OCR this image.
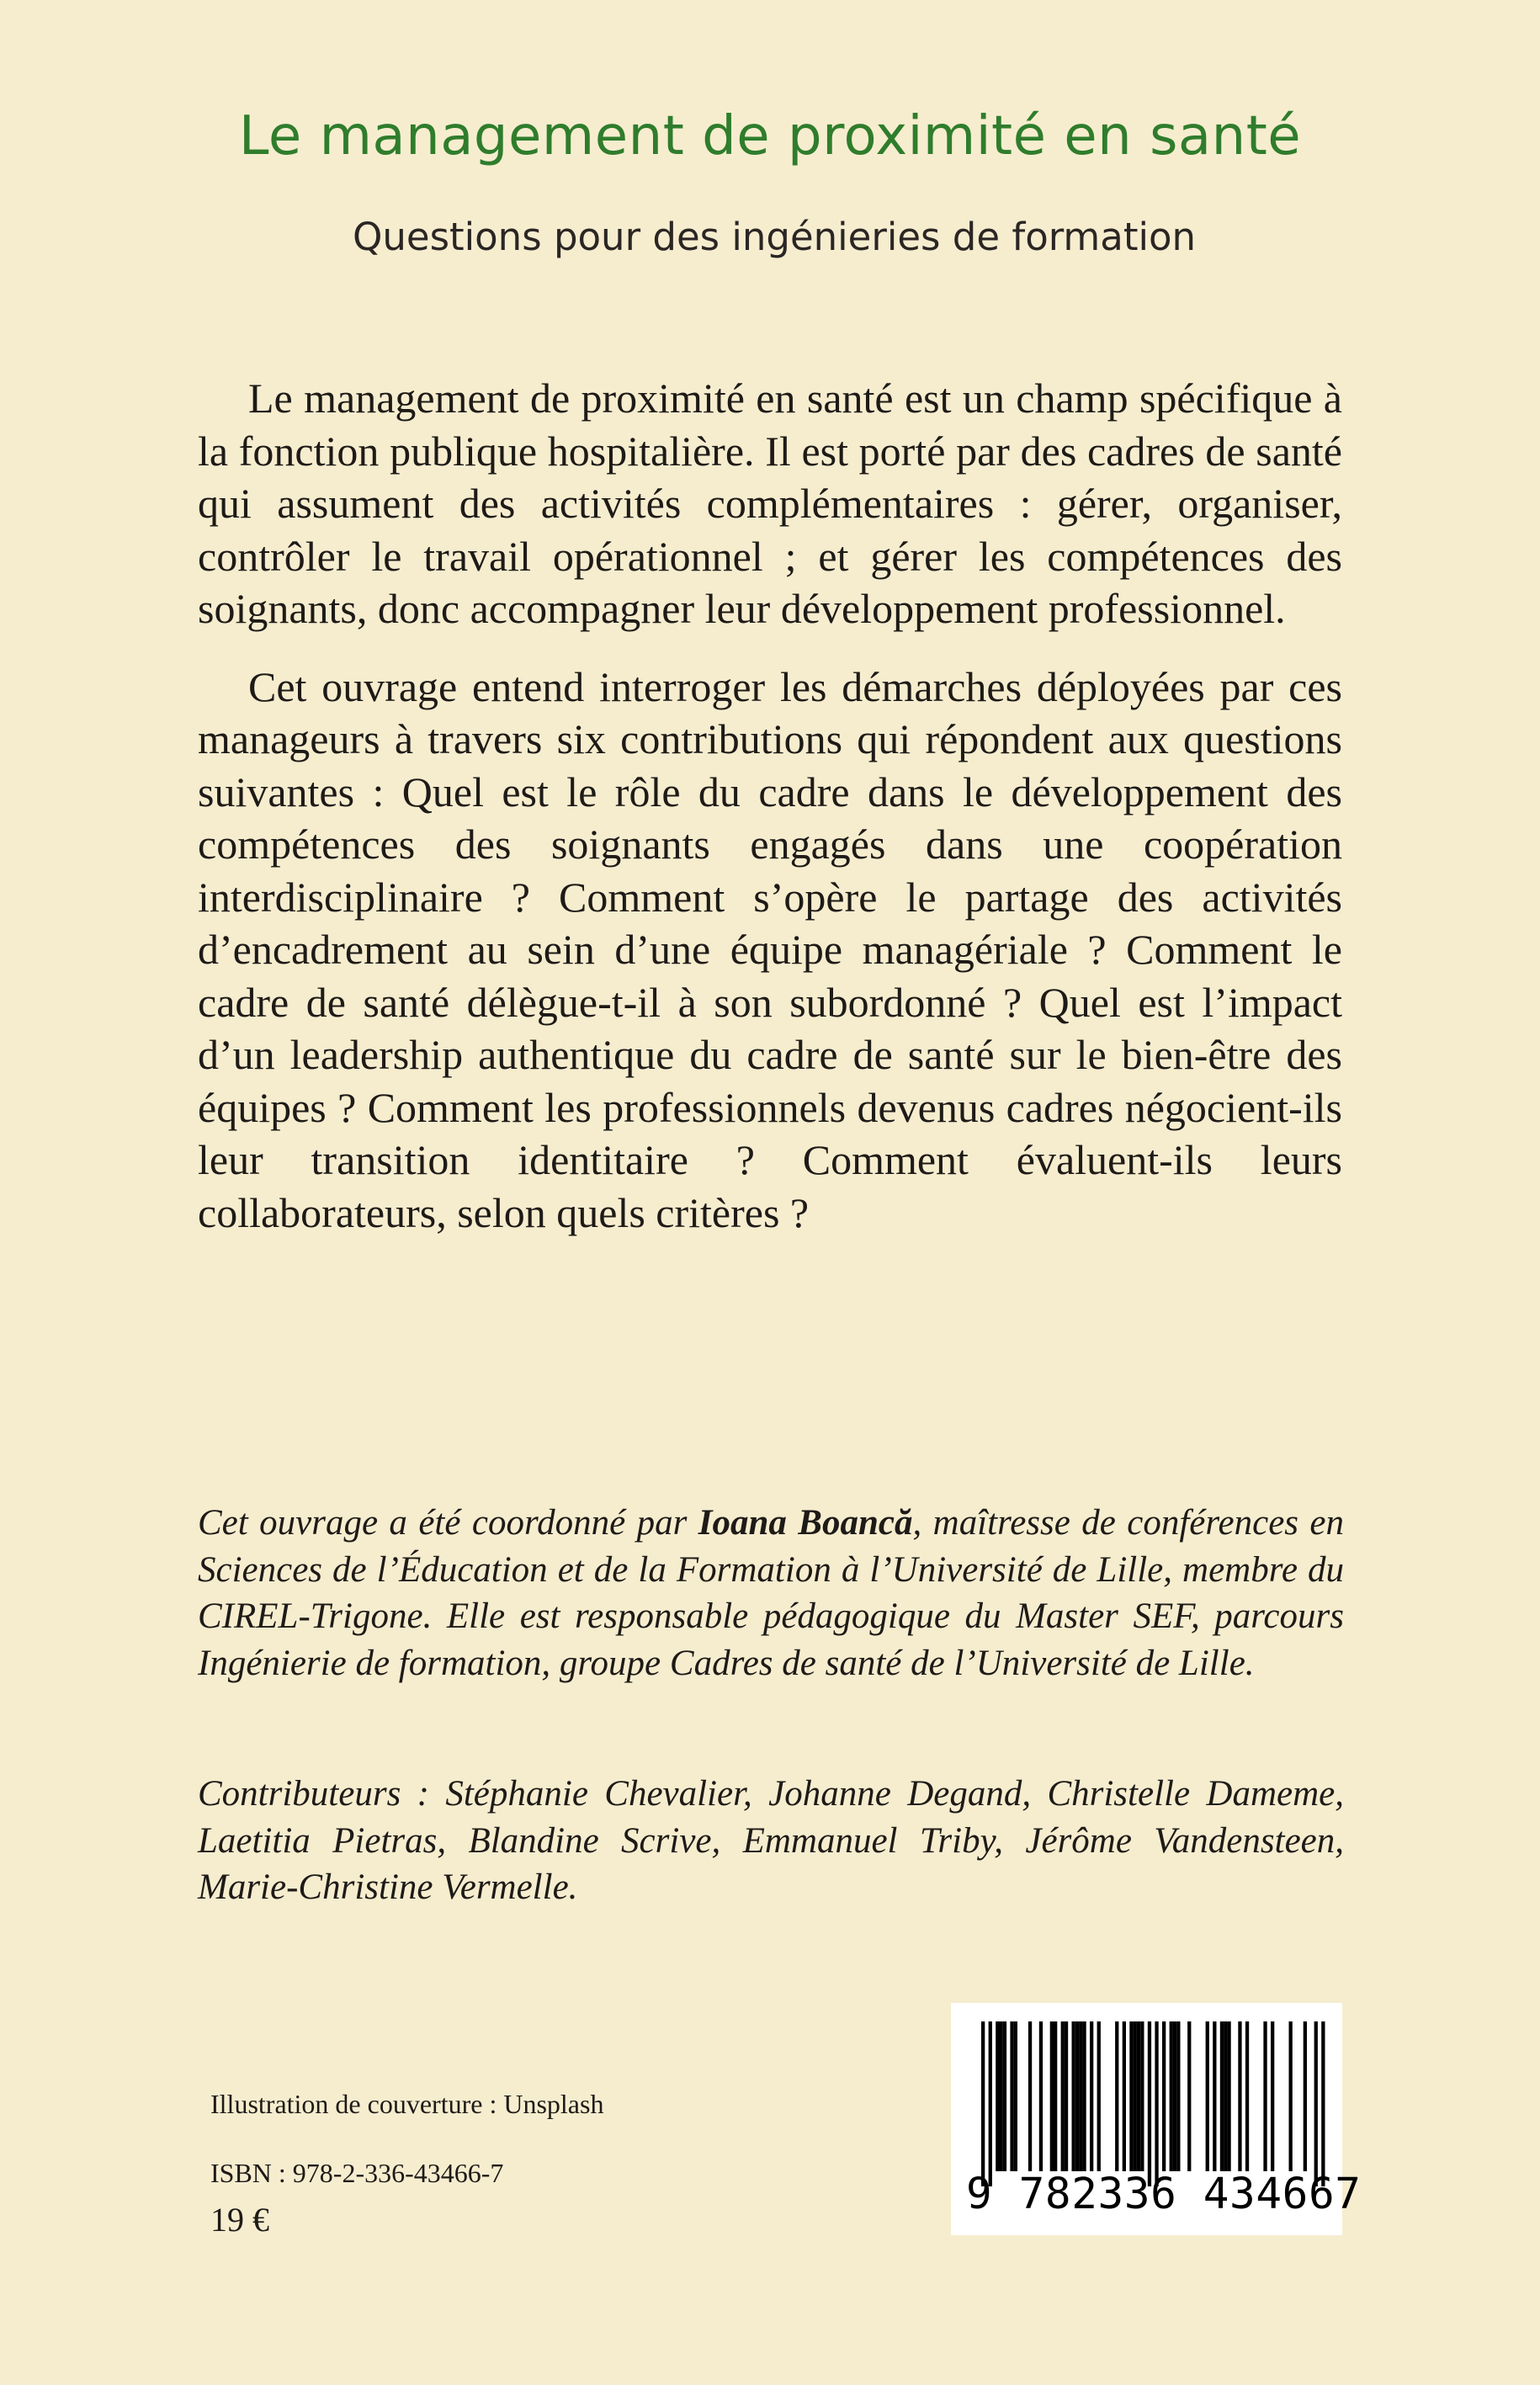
Le management de proximité en santé
Questions pour des ingénieries de formation

Le management de proximité en santé est un champ spécifique à la fonction publique hospitalière. Il est porté par des cadres de santé qui assument des activités complémentaires : gérer, organiser, contrôler le travail opérationnel ; et gérer les compétences des soignants, donc accompagner leur développement professionnel.

Cet ouvrage entend interroger les démarches déployées par ces manageurs à travers six contributions qui répondent aux questions suivantes : Quel est le rôle du cadre dans le développement des compétences des soignants engagés dans une coopération interdisciplinaire ? Comment s’opère le partage des activités d’encadrement au sein d’une équipe managériale ? Comment le cadre de santé délègue-t-il à son subordonné ? Quel est l’impact d’un leadership authentique du cadre de santé sur le bien-être des équipes ? Comment les professionnels devenus cadres négocient-ils leur transition identitaire ? Comment évaluent-ils leurs collaborateurs, selon quels critères ?

Cet ouvrage a été coordonné par Ioana Boancă, maîtresse de conférences en Sciences de l’Éducation et de la Formation à l’Université de Lille, membre du CIREL-Trigone. Elle est responsable pédagogique du Master SEF, parcours Ingénierie de formation, groupe Cadres de santé de l’Université de Lille.

Contributeurs : Stéphanie Chevalier, Johanne Degand, Christelle Dameme, Laetitia Pietras, Blandine Scrive, Emmanuel Triby, Jérôme Vandensteen, Marie-Christine Vermelle.

Illustration de couverture : Unsplash

ISBN : 978-2-336-43466-7

19 €

9 782336 434667
